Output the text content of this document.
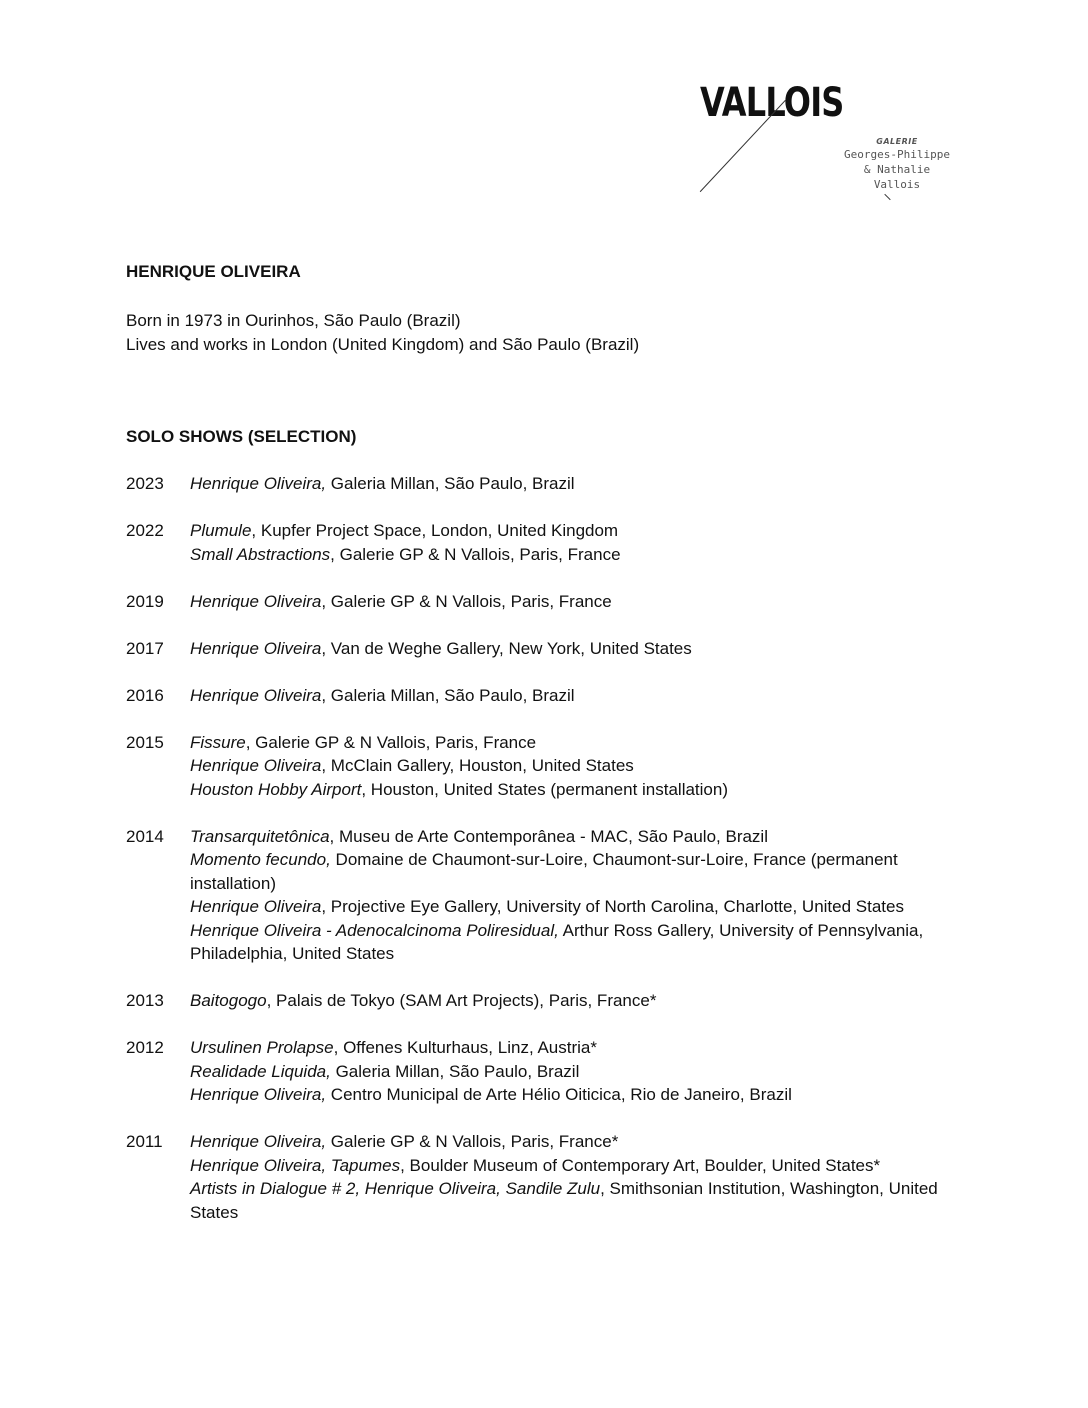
VALLOIS
GALERIE
Georges-Philippe
& Nathalie
Vallois
HENRIQUE OLIVEIRA
Born in 1973 in Ourinhos, São Paulo (Brazil)
Lives and works in London (United Kingdom) and São Paulo (Brazil)
SOLO SHOWS (SELECTION)
2023	Henrique Oliveira, Galeria Millan, São Paulo, Brazil
2022	Plumule, Kupfer Project Space, London, United Kingdom
Small Abstractions, Galerie GP & N Vallois, Paris, France
2019	Henrique Oliveira, Galerie GP & N Vallois, Paris, France
2017	Henrique Oliveira, Van de Weghe Gallery, New York, United States
2016	Henrique Oliveira, Galeria Millan, São Paulo, Brazil
2015	Fissure, Galerie GP & N Vallois, Paris, France
Henrique Oliveira, McClain Gallery, Houston, United States
Houston Hobby Airport, Houston, United States (permanent installation)
2014	Transarquitetônica, Museu de Arte Contemporânea - MAC, São Paulo, Brazil
Momento fecundo, Domaine de Chaumont-sur-Loire, Chaumont-sur-Loire, France (permanent installation)
Henrique Oliveira, Projective Eye Gallery, University of North Carolina, Charlotte, United States
Henrique Oliveira - Adenocalcinoma Poliresidual, Arthur Ross Gallery, University of Pennsylvania, Philadelphia, United States
2013	Baitogogo, Palais de Tokyo (SAM Art Projects), Paris, France*
2012	Ursulinen Prolapse, Offenes Kulturhaus, Linz, Austria*
Realidade Liquida, Galeria Millan, São Paulo, Brazil
Henrique Oliveira, Centro Municipal de Arte Hélio Oiticica, Rio de Janeiro, Brazil
2011	Henrique Oliveira, Galerie GP & N Vallois, Paris, France*
Henrique Oliveira, Tapumes, Boulder Museum of Contemporary Art, Boulder, United States*
Artists in Dialogue # 2, Henrique Oliveira, Sandile Zulu, Smithsonian Institution, Washington, United States
